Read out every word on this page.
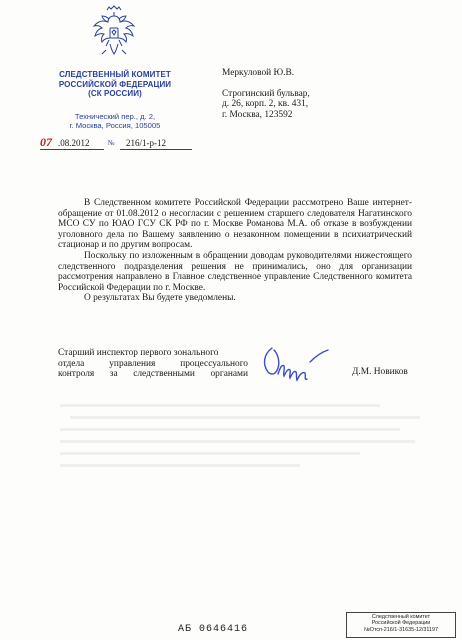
СЛЕДСТВЕННЫЙ КОМИТЕТ
РОССИЙСКОЙ ФЕДЕРАЦИИ
(СК РОССИИ)
Технический пер., д. 2,
г. Москва, Россия, 105005
07 .08.2012	№ 216/1-р-12
Меркуловой Ю.В.
Строгинский бульвар,
д. 26, корп. 2, кв. 431,
г. Москва, 123592

В Следственном комитете Российской Федерации рассмотрено Ваше интернет-обращение от 01.08.2012 о несогласии с решением старшего следователя Нагатинского МСО СУ по ЮАО ГСУ СК РФ по г. Москве Романова М.А. об отказе в возбуждении уголовного дела по Вашему заявлению о незаконном помещении в психиатрический стационар и по другим вопросам.

Поскольку по изложенным в обращении доводам руководителями нижестоящего следственного подразделения решения не принимались, оно для организации рассмотрения направлено в Главное следственное управление Следственного комитета Российской Федерации по г. Москве.

О результатах Вы будете уведомлены.

Старший инспектор первого зонального
отдела управления процессуального
контроля за следственными органами	Д.М. Новиков
АБ 0646416
Следственный комитет
Российской Федерации
№Отсп-216/1-31635-12/31197
